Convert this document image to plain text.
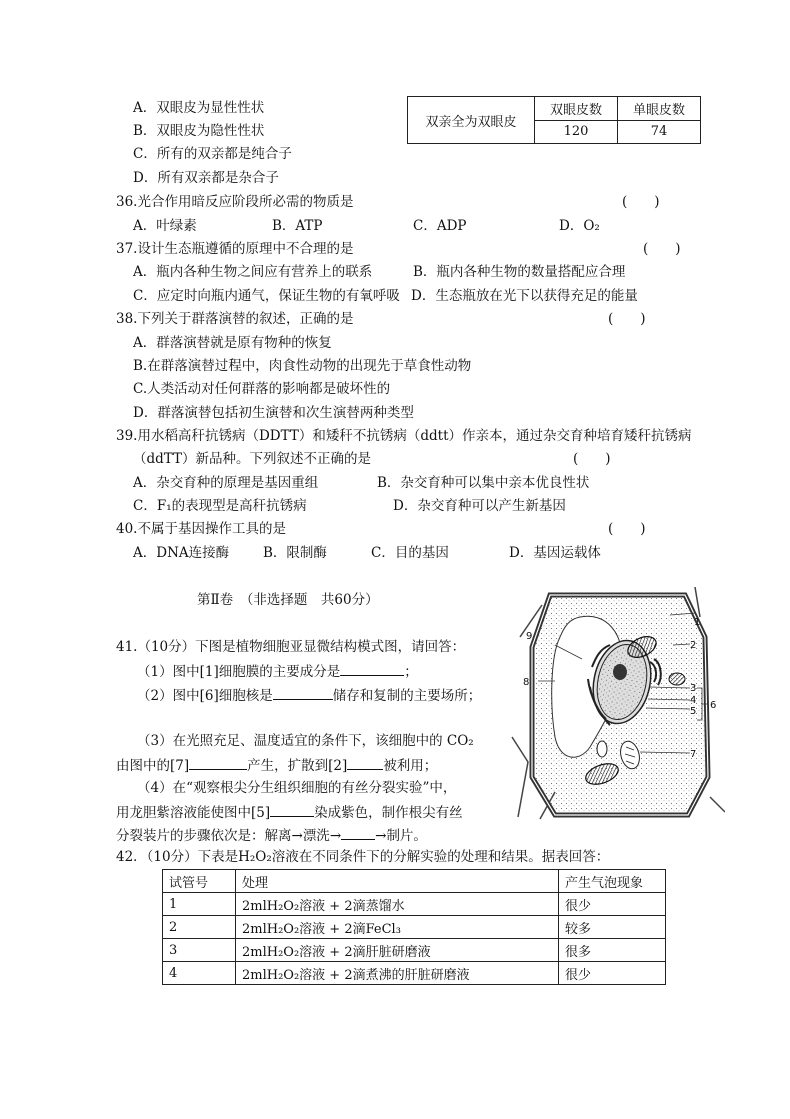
A．双眼皮为显性性状
B．双眼皮为隐性性状
C．所有的双亲都是纯合子
D．所有双亲都是杂合子
双亲全为双眼皮	双眼皮数	单眼皮数
	120	74
36.光合作用暗反应阶段所必需的物质是	(　　)
A．叶绿素	B．ATP	C．ADP	D．O₂
37.设计生态瓶遵循的原理中不合理的是	(　　)
A．瓶内各种生物之间应有营养上的联系	B．瓶内各种生物的数量搭配应合理
C．应定时向瓶内通气，保证生物的有氧呼吸 D．生态瓶放在光下以获得充足的能量
38.下列关于群落演替的叙述，正确的是	(　　)
A．群落演替就是原有物种的恢复
B.在群落演替过程中，肉食性动物的出现先于草食性动物
C.人类活动对任何群落的影响都是破坏性的
D．群落演替包括初生演替和次生演替两种类型
39.用水稻高秆抗锈病（DDTT）和矮秆不抗锈病（ddtt）作亲本，通过杂交育种培育矮秆抗锈病
（ddTT）新品种。下列叙述不正确的是	(　　)
A．杂交育种的原理是基因重组	B．杂交育种可以集中亲本优良性状
C．F₁的表现型是高秆抗锈病	D．杂交育种可以产生新基因
40.不属于基因操作工具的是	(　　)
A．DNA连接酶	B．限制酶	C．目的基因	D．基因运载体
第Ⅱ卷　（非选择题　共60分）
41.（10分）下图是植物细胞亚显微结构模式图，请回答：
（1）图中[1]细胞膜的主要成分是	；
（2）图中[6]细胞核是	储存和复制的主要场所；
（3）在光照充足、温度适宜的条件下，该细胞中的 CO₂
由图中的[7]	产生，扩散到[2]	被利用；
（4）在“观察根尖分生组织细胞的有丝分裂实验”中，
用龙胆紫溶液能使图中[5]	染成紫色，制作根尖有丝
分裂装片的步骤依次是：解离→漂洗→	→制片。
1
2
3
4
5
6
7
8
9
42．（10分）下表是H₂O₂溶液在不同条件下的分解实验的处理和结果。据表回答：
试管号	处理	产生气泡现象
1	2mlH₂O₂溶液 + 2滴蒸馏水	很少
2	2mlH₂O₂溶液 + 2滴FeCl₃	较多
3	2mlH₂O₂溶液 + 2滴肝脏研磨液	很多
4	2mlH₂O₂溶液 + 2滴煮沸的肝脏研磨液	很少
